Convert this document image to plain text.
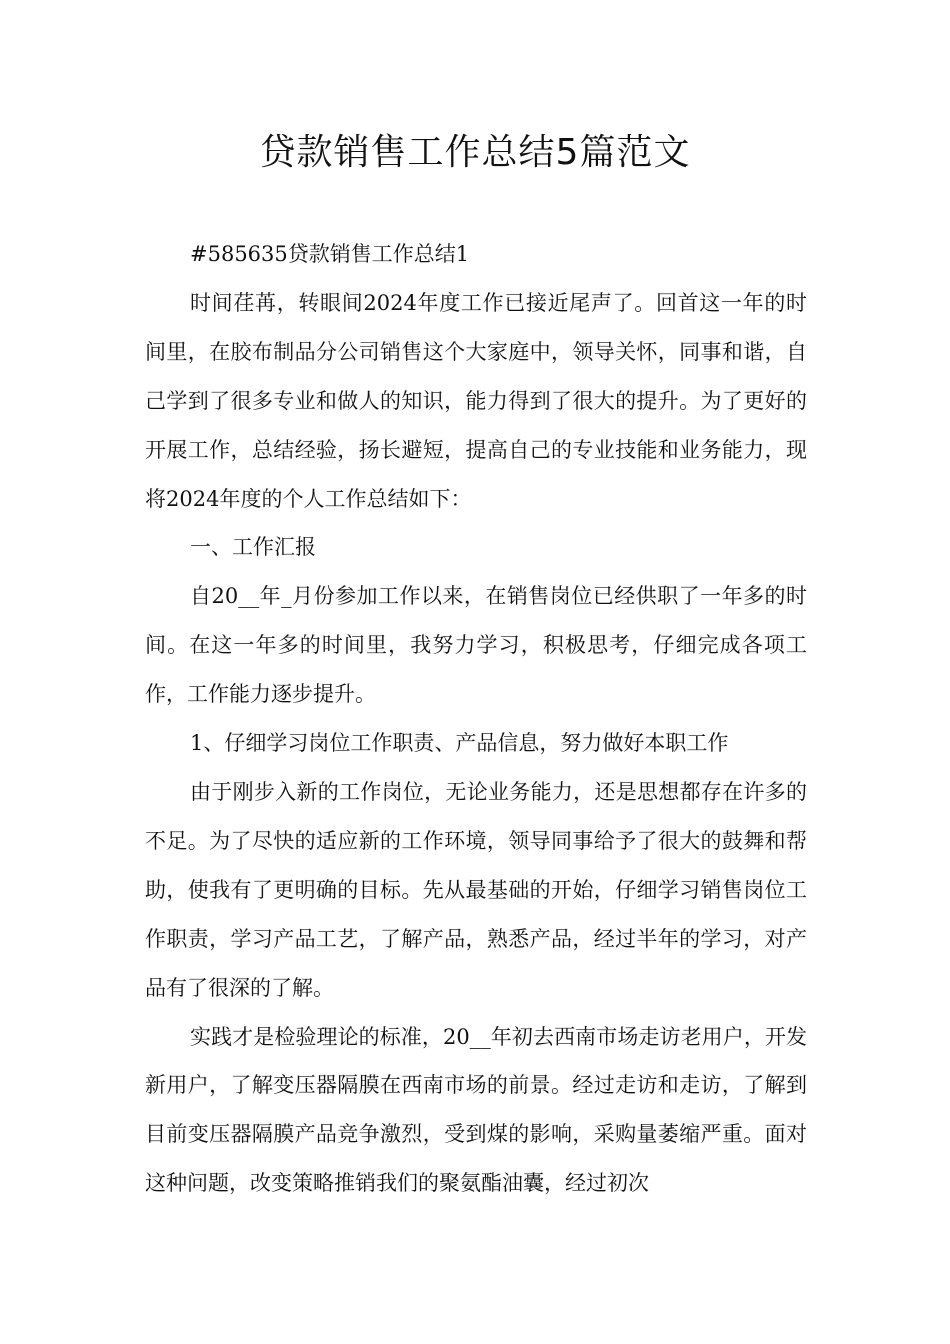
贷款销售工作总结5篇范文

#585635贷款销售工作总结1

时间荏苒，转眼间2024年度工作已接近尾声了。回首这一年的时间里，在胶布制品分公司销售这个大家庭中，领导关怀，同事和谐，自己学到了很多专业和做人的知识，能力得到了很大的提升。为了更好的开展工作，总结经验，扬长避短，提高自己的专业技能和业务能力，现将2024年度的个人工作总结如下：

一、工作汇报

自20__年_月份参加工作以来，在销售岗位已经供职了一年多的时间。在这一年多的时间里，我努力学习，积极思考，仔细完成各项工作，工作能力逐步提升。

1、仔细学习岗位工作职责、产品信息，努力做好本职工作

由于刚步入新的工作岗位，无论业务能力，还是思想都存在许多的不足。为了尽快的适应新的工作环境，领导同事给予了很大的鼓舞和帮助，使我有了更明确的目标。先从最基础的开始，仔细学习销售岗位工作职责，学习产品工艺，了解产品，熟悉产品，经过半年的学习，对产品有了很深的了解。

实践才是检验理论的标准，20__年初去西南市场走访老用户，开发新用户，了解变压器隔膜在西南市场的前景。经过走访和走访，了解到目前变压器隔膜产品竞争激烈，受到煤的影响，采购量萎缩严重。面对这种问题，改变策略推销我们的聚氨酯油囊，经过初次
